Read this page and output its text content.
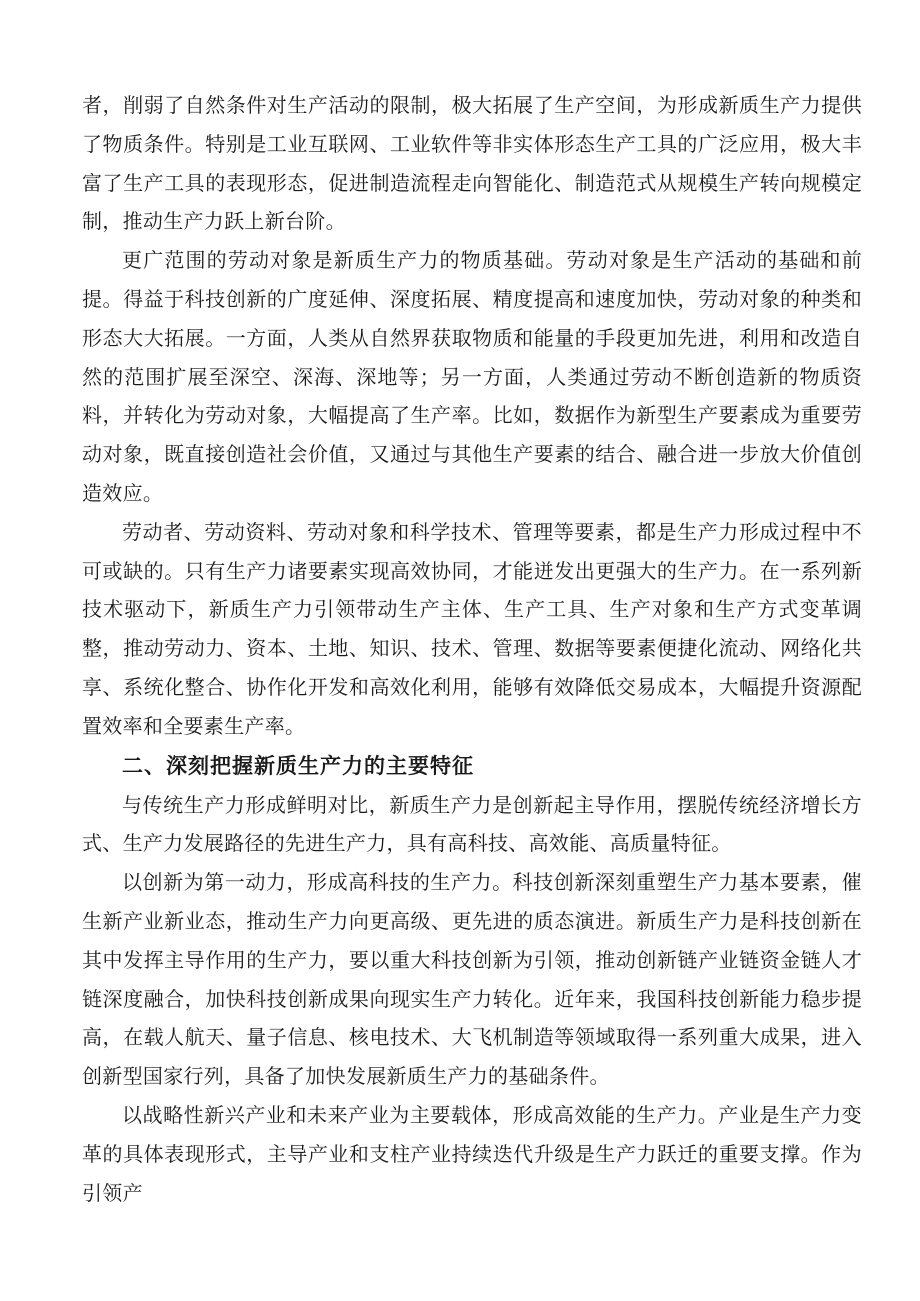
者，削弱了自然条件对生产活动的限制，极大拓展了生产空间，为形成新质生产力提供了物质条件。特别是工业互联网、工业软件等非实体形态生产工具的广泛应用，极大丰富了生产工具的表现形态，促进制造流程走向智能化、制造范式从规模生产转向规模定制，推动生产力跃上新台阶。

更广范围的劳动对象是新质生产力的物质基础。劳动对象是生产活动的基础和前提。得益于科技创新的广度延伸、深度拓展、精度提高和速度加快，劳动对象的种类和形态大大拓展。一方面，人类从自然界获取物质和能量的手段更加先进，利用和改造自然的范围扩展至深空、深海、深地等；另一方面，人类通过劳动不断创造新的物质资料，并转化为劳动对象，大幅提高了生产率。比如，数据作为新型生产要素成为重要劳动对象，既直接创造社会价值，又通过与其他生产要素的结合、融合进一步放大价值创造效应。

劳动者、劳动资料、劳动对象和科学技术、管理等要素，都是生产力形成过程中不可或缺的。只有生产力诸要素实现高效协同，才能迸发出更强大的生产力。在一系列新技术驱动下，新质生产力引领带动生产主体、生产工具、生产对象和生产方式变革调整，推动劳动力、资本、土地、知识、技术、管理、数据等要素便捷化流动、网络化共享、系统化整合、协作化开发和高效化利用，能够有效降低交易成本，大幅提升资源配置效率和全要素生产率。

二、深刻把握新质生产力的主要特征

与传统生产力形成鲜明对比，新质生产力是创新起主导作用，摆脱传统经济增长方式、生产力发展路径的先进生产力，具有高科技、高效能、高质量特征。

以创新为第一动力，形成高科技的生产力。科技创新深刻重塑生产力基本要素，催生新产业新业态，推动生产力向更高级、更先进的质态演进。新质生产力是科技创新在其中发挥主导作用的生产力，要以重大科技创新为引领，推动创新链产业链资金链人才链深度融合，加快科技创新成果向现实生产力转化。近年来，我国科技创新能力稳步提高，在载人航天、量子信息、核电技术、大飞机制造等领域取得一系列重大成果，进入创新型国家行列，具备了加快发展新质生产力的基础条件。

以战略性新兴产业和未来产业为主要载体，形成高效能的生产力。产业是生产力变革的具体表现形式，主导产业和支柱产业持续迭代升级是生产力跃迁的重要支撑。作为引领产
